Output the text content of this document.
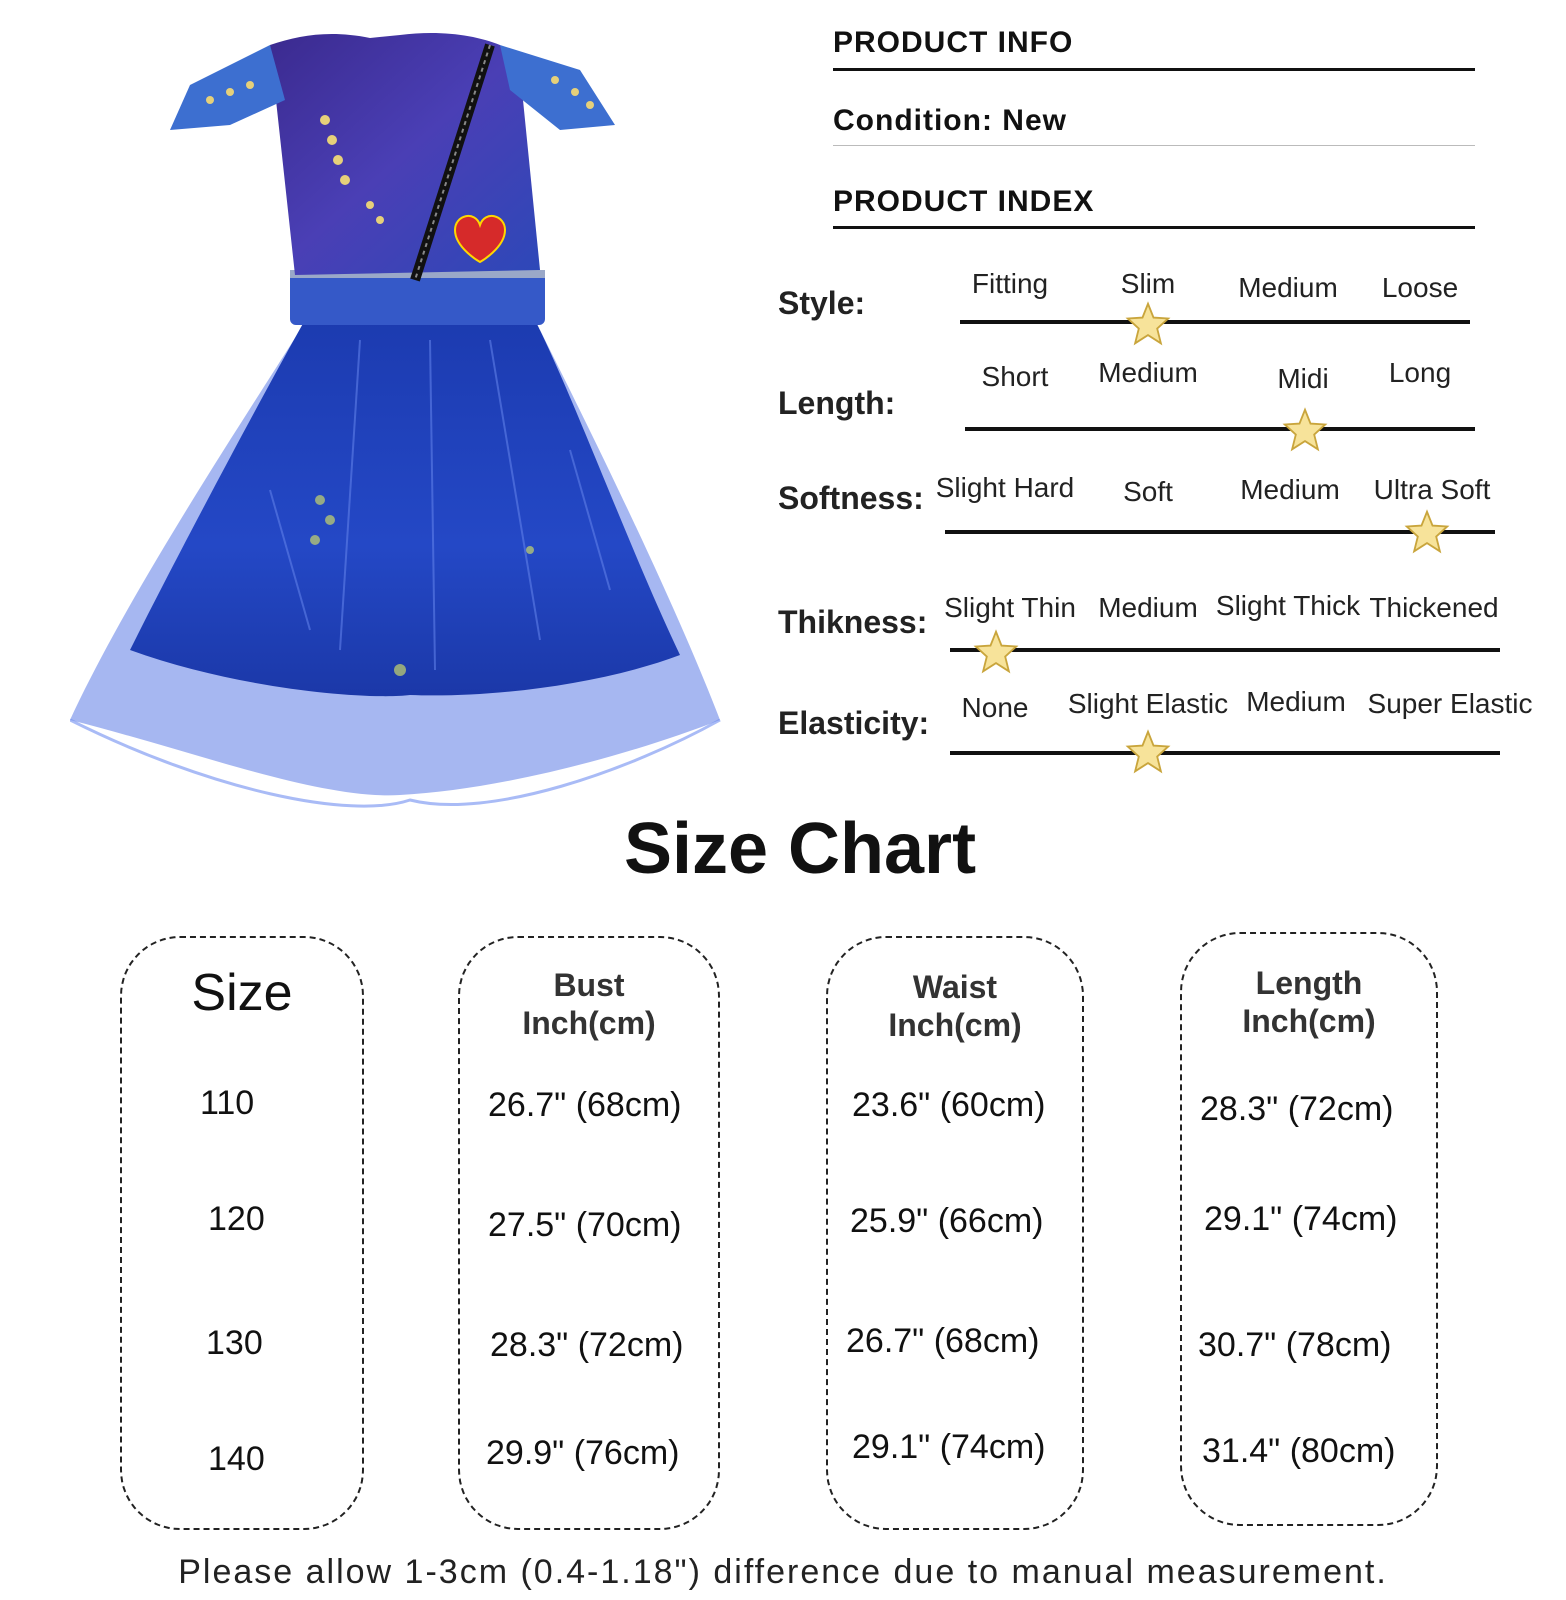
PRODUCT INFO
Condition: New
PRODUCT INDEX
Style:
Fitting	Slim Medium Loose
Length:
Short Medium	Midi Long
Softness: Slight Hard Soft Medium Ultra Soft
Thikness: Slight Thin Medium Slight Thick Thickened
Elasticity: None Slight Elastic Medium Super Elastic
Size Chart
Size
110
120
130
140
Bust
Inch(cm)
26.7" (68cm)
27.5" (70cm)
28.3" (72cm)
29.9" (76cm)
Waist
Inch(cm)
23.6" (60cm)
25.9" (66cm)
26.7" (68cm)
29.1" (74cm)
Length
Inch(cm)
28.3" (72cm)
29.1" (74cm)
30.7" (78cm)
31.4" (80cm)
Please allow 1-3cm (0.4-1.18") difference due to manual measurement.
